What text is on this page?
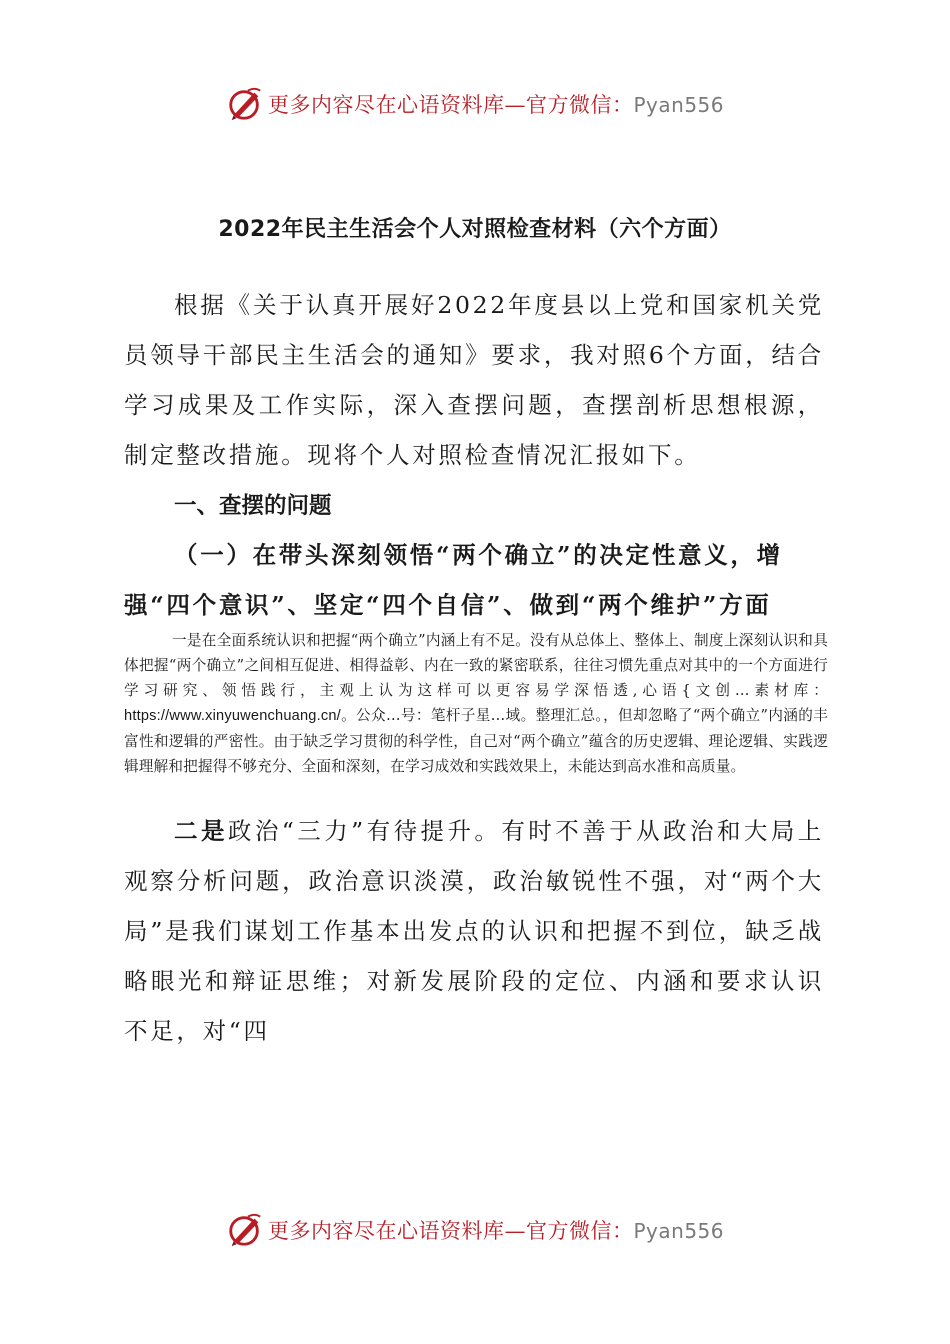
更多内容尽在心语资料库—官方微信：Pyan556
2022年民主生活会个人对照检查材料（六个方面）

根据《关于认真开展好2022年度县以上党和国家机关党员领导干部民主生活会的通知》要求，我对照6个方面，结合学习成果及工作实际，深入查摆问题，查摆剖析思想根源，制定整改措施。现将个人对照检查情况汇报如下。

一、查摆的问题
（一）在带头深刻领悟“两个确立”的决定性意义，增强“四个意识”、坚定“四个自信”、做到“两个维护”方面

一是在全面系统认识和把握“两个确立”内涵上有不足。没有从总体上、整体上、制度上深刻认识和具体把握“两个确立”之间相互促进、相得益彰、内在一致的紧密联系，往往习惯先重点对其中的一个方面进行学习研究、领悟践行，主观上认为这样可以更容易学深悟透,心语{文创…素材库：https://www.xinyuwenchuang.cn/。公众…号：笔杆子星…域。整理汇总。，但却忽略了“两个确立”内涵的丰富性和逻辑的严密性。由于缺乏学习贯彻的科学性，自己对“两个确立”蕴含的历史逻辑、理论逻辑、实践逻辑理解和把握得不够充分、全面和深刻，在学习成效和实践效果上，未能达到高水准和高质量。

二是政治“三力”有待提升。有时不善于从政治和大局上观察分析问题，政治意识淡漠，政治敏锐性不强，对“两个大局”是我们谋划工作基本出发点的认识和把握不到位，缺乏战略眼光和辩证思维；对新发展阶段的定位、内涵和要求认识不足，对“四

更多内容尽在心语资料库—官方微信：Pyan556
